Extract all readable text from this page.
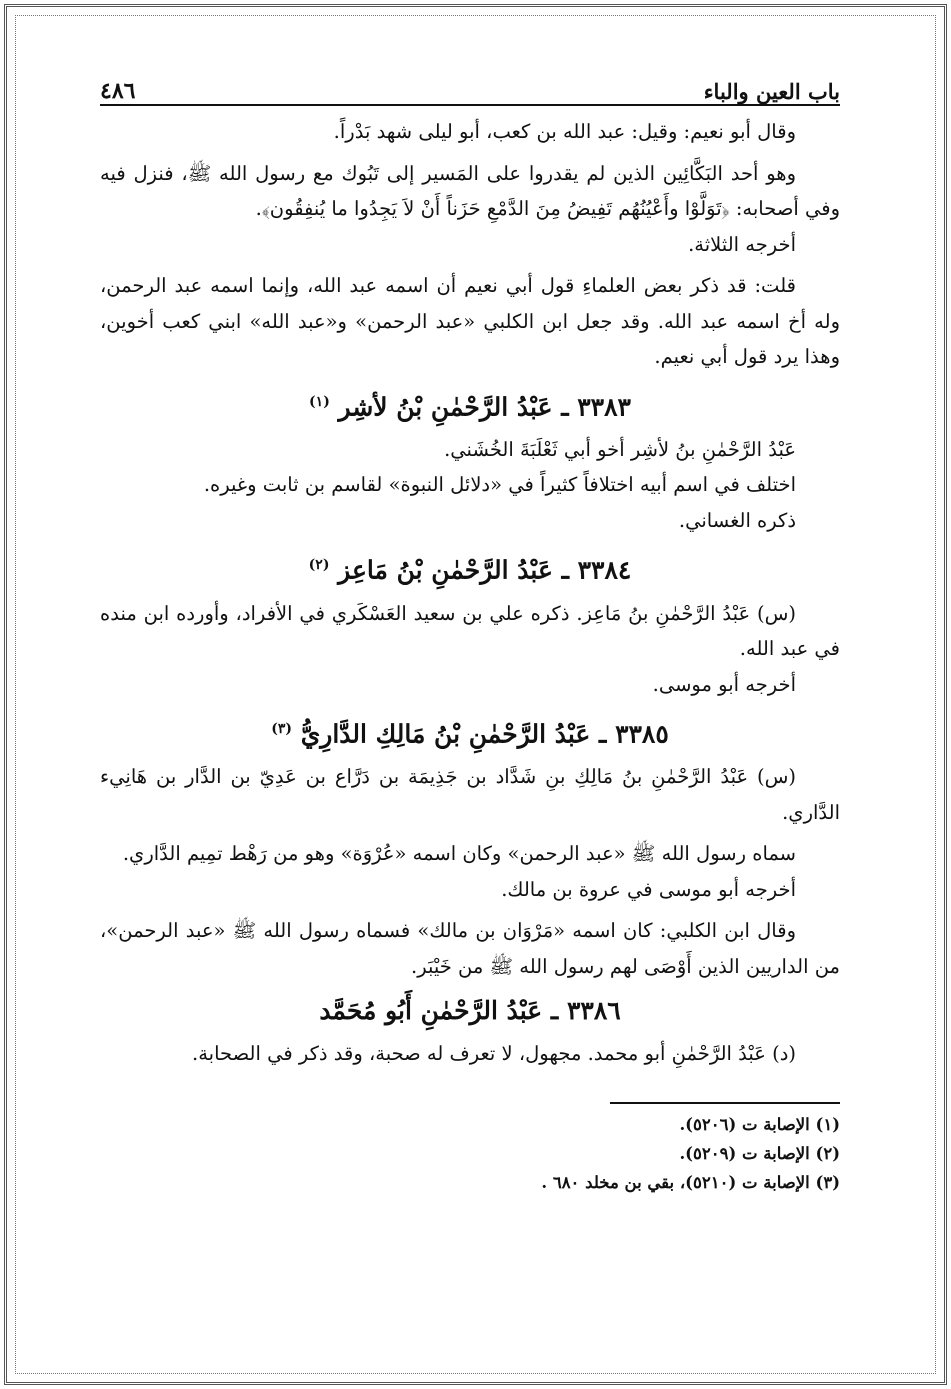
باب العين والباء
٤٨٦

وقال أبو نعيم: وقيل: عبد الله بن كعب، أبو ليلى شهد بَدْراً.

وهو أحد البَكَّائِين الذين لم يقدروا على المَسير إلى تَبُوك مع رسول الله ﷺ، فنزل فيه وفي أصحابه: ﴿تَوَلَّوْا وأَعْيُنُهُم تَفِيضُ مِنَ الدَّمْعِ حَزَناً أَنْ لاَ يَجِدُوا ما يُنفِقُون﴾.

أخرجه الثلاثة.

قلت: قد ذكر بعض العلماءِ قول أبي نعيم أن اسمه عبد الله، وإنما اسمه عبد الرحمن، وله أخ اسمه عبد الله. وقد جعل ابن الكلبي «عبد الرحمن» و«عبد الله» ابني كعب أخوين، وهذا يرد قول أبي نعيم.

٣٣٨٣ ـ عَبْدُ الرَّحْمٰنِ بْنُ لأشِر $^{(١)}$

عَبْدُ الرَّحْمٰنِ بنُ لأشِر أخو أبي ثَعْلَبَةَ الخُشَني.

اختلف في اسم أبيه اختلافاً كثيراً في «دلائل النبوة» لقاسم بن ثابت وغيره.

ذكره الغساني.

٣٣٨٤ ـ عَبْدُ الرَّحْمٰنِ بْنُ مَاعِز $^{(٢)}$

(س) عَبْدُ الرَّحْمٰنِ بنُ مَاعِز. ذكره علي بن سعيد العَسْكَري في الأفراد، وأورده ابن منده في عبد الله.

أخرجه أبو موسى.

٣٣٨٥ ـ عَبْدُ الرَّحْمٰنِ بْنُ مَالِكِ الدَّارِيُّ $^{(٣)}$

(س) عَبْدُ الرَّحْمٰنِ بنُ مَالِكِ بنِ شَدَّاد بن جَذِيمَة بن دَرَّاع بن عَدِيّ بن الدَّار بن هَانِيء الدَّاري.

سماه رسول الله ﷺ «عبد الرحمن» وكان اسمه «عُرْوَة» وهو من رَهْط تمِيم الدَّاري.

أخرجه أبو موسى في عروة بن مالك.

وقال ابن الكلبي: كان اسمه «مَرْوَان بن مالك» فسماه رسول الله ﷺ «عبد الرحمن»، من الداريين الذين أَوْصَى لهم رسول الله ﷺ من خَيْبَر.

٣٣٨٦ ـ عَبْدُ الرَّحْمٰنِ أَبُو مُحَمَّد

(د) عَبْدُ الرَّحْمٰنِ أبو محمد. مجهول، لا تعرف له صحبة، وقد ذكر في الصحابة.

(١) الإصابة ت (٥٢٠٦).
(٢) الإصابة ت (٥٢٠٩).
(٣) الإصابة ت (٥٢١٠)، بقي بن مخلد ٦٨٠ .
